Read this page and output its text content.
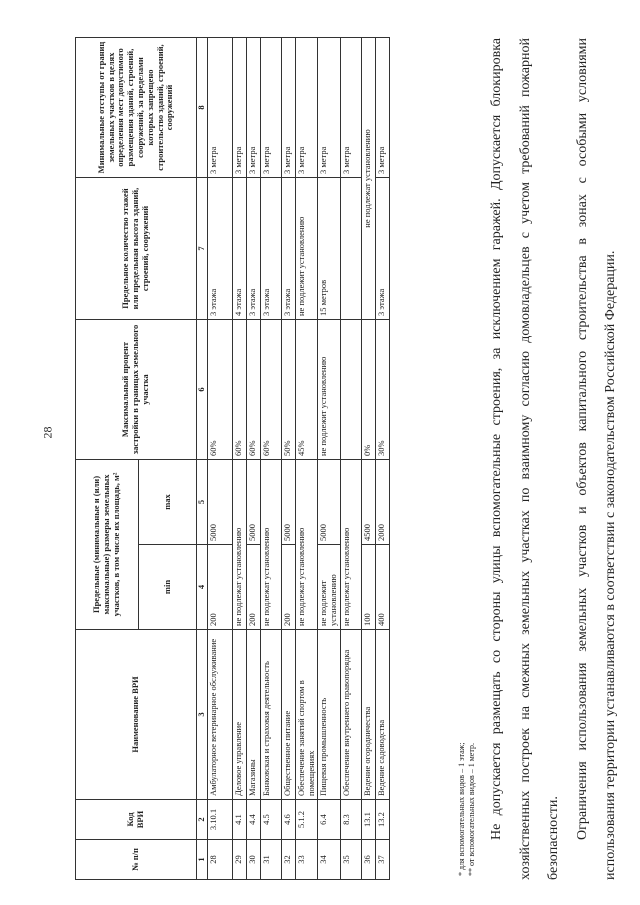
28
№ п/п	Код ВРИ	Наименование ВРИ	Предельные (минимальные и (или) максимальные) размеры земельных участков, в том числе их площадь, м²		Максимальный процент застройки в границах земельного участка	Предельное количество этажей или предельная высота зданий, строений, сооружений	Минимальные отступы от границ земельных участков в целях определения мест допустимого размещения зданий, строений, сооружений, за пределами которых запрещено строительство зданий, строений, сооружений
			min	max			
1	2	3	4	5	6	7	8
28	3.10.1	Амбулаторное ветеринарное обслуживание	200	5000	60%	3 этажа	3 метра
29	4.1	Деловое управление	не подлежат установлению		60%	4 этажа	3 метра
30	4.4	Магазины	200	5000	60%	3 этажа	3 метра
31	4.5	Банковская и страховая деятельность	не подлежат установлению		60%	3 этажа	3 метра
32	4.6	Общественное питание	200	5000	50%	3 этажа	3 метра
33	5.1.2	Обеспечение занятий спортом в помещениях	не подлежат установлению		45%	не подлежит установлению	3 метра
34	6.4	Пищевая промышленность	не подлежит установлению	5000	не подлежит установлению	15 метров	3 метра
35	8.3	Обеспечение внутреннего правопорядка	не подлежат установлению				3 метра
36	13.1	Ведение огородничества	100	4500	0%	не подлежат установлению	
37	13.2	Ведение садоводства	400	2000	30%	3 этажа	3 метра
* для вспомогательных видов – 1 этаж; ** от вспомогательных видов – 1 метр. Не допускается размещать со стороны улицы вспомогательные строения, за исключением гаражей. Допускается блокировка хозяйственных построек на смежных земельных участках по взаимному согласию домовладельцев с учетом требований пожарной безопасности. Ограничения использования земельных участков и объектов капитального строительства в зонах с особыми условиями использования территории устанавливаются в соответствии с законодательством Российской Федерации.
